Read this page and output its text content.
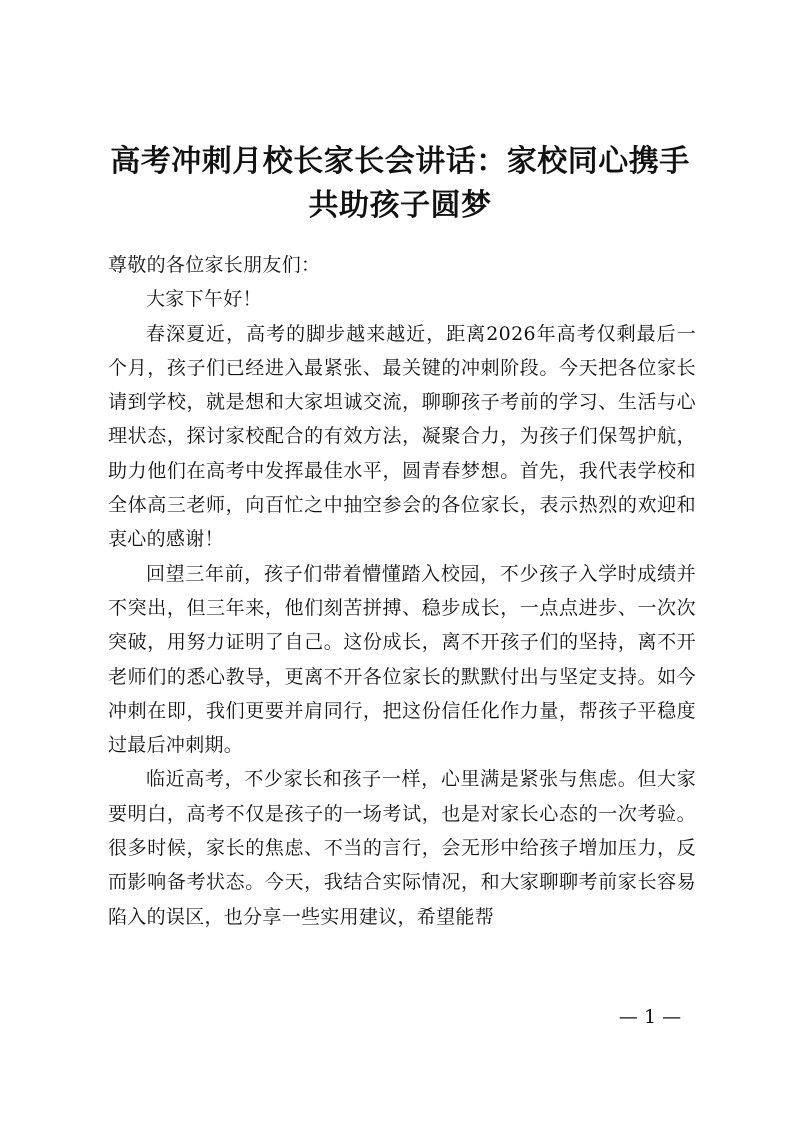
高考冲刺月校长家长会讲话：家校同心携手共助孩子圆梦

尊敬的各位家长朋友们：

大家下午好！

春深夏近，高考的脚步越来越近，距离2026年高考仅剩最后一个月，孩子们已经进入最紧张、最关键的冲刺阶段。今天把各位家长请到学校，就是想和大家坦诚交流，聊聊孩子考前的学习、生活与心理状态，探讨家校配合的有效方法，凝聚合力，为孩子们保驾护航，助力他们在高考中发挥最佳水平，圆青春梦想。首先，我代表学校和全体高三老师，向百忙之中抽空参会的各位家长，表示热烈的欢迎和衷心的感谢！

回望三年前，孩子们带着懵懂踏入校园，不少孩子入学时成绩并不突出，但三年来，他们刻苦拼搏、稳步成长，一点点进步、一次次突破，用努力证明了自己。这份成长，离不开孩子们的坚持，离不开老师们的悉心教导，更离不开各位家长的默默付出与坚定支持。如今冲刺在即，我们更要并肩同行，把这份信任化作力量，帮孩子平稳度过最后冲刺期。

临近高考，不少家长和孩子一样，心里满是紧张与焦虑。但大家要明白，高考不仅是孩子的一场考试，也是对家长心态的一次考验。很多时候，家长的焦虑、不当的言行，会无形中给孩子增加压力，反而影响备考状态。今天，我结合实际情况，和大家聊聊考前家长容易陷入的误区，也分享一些实用建议，希望能帮

— 1 —
